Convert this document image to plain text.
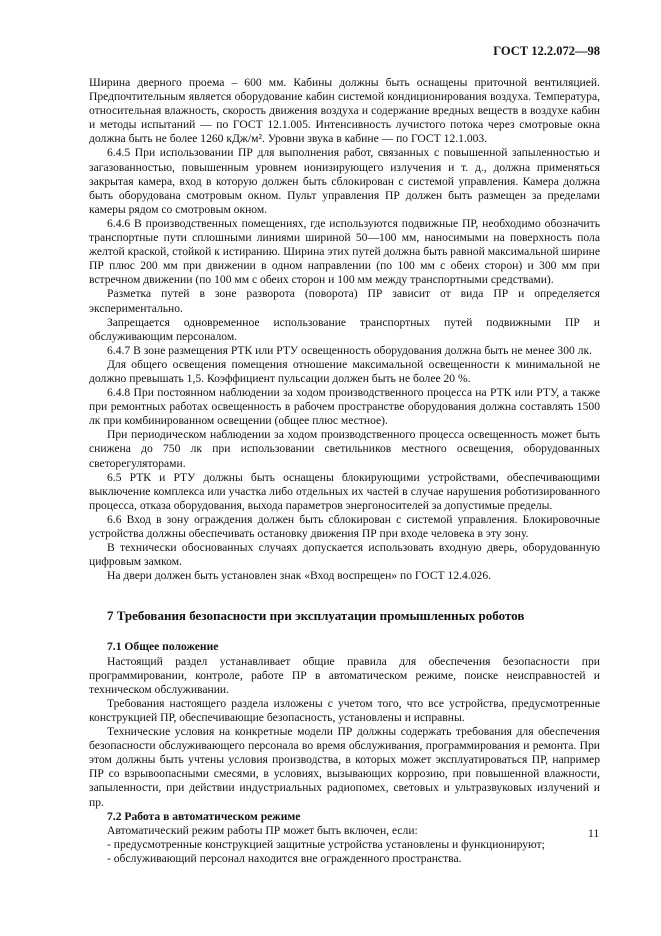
ГОСТ 12.2.072—98

Ширина дверного проема – 600 мм. Кабины должны быть оснащены приточной вентиляцией. Предпочтительным является оборудование кабин системой кондиционирования воздуха. Температура, относительная влажность, скорость движения воздуха и содержание вредных веществ в воздухе кабин и методы испытаний — по ГОСТ 12.1.005. Интенсивность лучистого потока через смотровые окна должна быть не более 1260 кДж/м². Уровни звука в кабине — по ГОСТ 12.1.003.

6.4.5 При использовании ПР для выполнения работ, связанных с повышенной запыленностью и загазованностью, повышенным уровнем ионизирующего излучения и т. д., должна применяться закрытая камера, вход в которую должен быть сблокирован с системой управления. Камера должна быть оборудована смотровым окном. Пульт управления ПР должен быть размещен за пределами камеры рядом со смотровым окном.

6.4.6 В производственных помещениях, где используются подвижные ПР, необходимо обозначить транспортные пути сплошными линиями шириной 50—100 мм, наносимыми на поверхность пола желтой краской, стойкой к истиранию. Ширина этих путей должна быть равной максимальной ширине ПР плюс 200 мм при движении в одном направлении (по 100 мм с обеих сторон) и 300 мм при встречном движении (по 100 мм с обеих сторон и 100 мм между транспортными средствами).

Разметка путей в зоне разворота (поворота) ПР зависит от вида ПР и определяется экспериментально.

Запрещается одновременное использование транспортных путей подвижными ПР и обслуживающим персоналом.

6.4.7 В зоне размещения РТК или РТУ освещенность оборудования должна быть не менее 300 лк.

Для общего освещения помещения отношение максимальной освещенности к минимальной не должно превышать 1,5. Коэффициент пульсации должен быть не более 20 %.

6.4.8 При постоянном наблюдении за ходом производственного процесса на РТК или РТУ, а также при ремонтных работах освещенность в рабочем пространстве оборудования должна составлять 1500 лк при комбинированном освещении (общее плюс местное).

При периодическом наблюдении за ходом производственного процесса освещенность может быть снижена до 750 лк при использовании светильников местного освещения, оборудованных светорегуляторами.

6.5 РТК и РТУ должны быть оснащены блокирующими устройствами, обеспечивающими выключение комплекса или участка либо отдельных их частей в случае нарушения роботизированного процесса, отказа оборудования, выхода параметров энергоносителей за допустимые пределы.

6.6 Вход в зону ограждения должен быть сблокирован с системой управления. Блокировочные устройства должны обеспечивать остановку движения ПР при входе человека в эту зону.

В технически обоснованных случаях допускается использовать входную дверь, оборудованную цифровым замком.

На двери должен быть установлен знак «Вход воспрещен» по ГОСТ 12.4.026.

7 Требования безопасности при эксплуатации промышленных роботов
7.1 Общее положение

Настоящий раздел устанавливает общие правила для обеспечения безопасности при программировании, контроле, работе ПР в автоматическом режиме, поиске неисправностей и техническом обслуживании.

Требования настоящего раздела изложены с учетом того, что все устройства, предусмотренные конструкцией ПР, обеспечивающие безопасность, установлены и исправны.

Технические условия на конкретные модели ПР должны содержать требования для обеспечения безопасности обслуживающего персонала во время обслуживания, программирования и ремонта. При этом должны быть учтены условия производства, в которых может эксплуатироваться ПР, например ПР со взрывоопасными смесями, в условиях, вызывающих коррозию, при повышенной влажности, запыленности, при действии индустриальных радиопомех, световых и ультразвуковых излучений и пр.

7.2 Работа в автоматическом режиме

Автоматический режим работы ПР может быть включен, если:

- предусмотренные конструкцией защитные устройства установлены и функционируют;

- обслуживающий персонал находится вне огражденного пространства.

11
